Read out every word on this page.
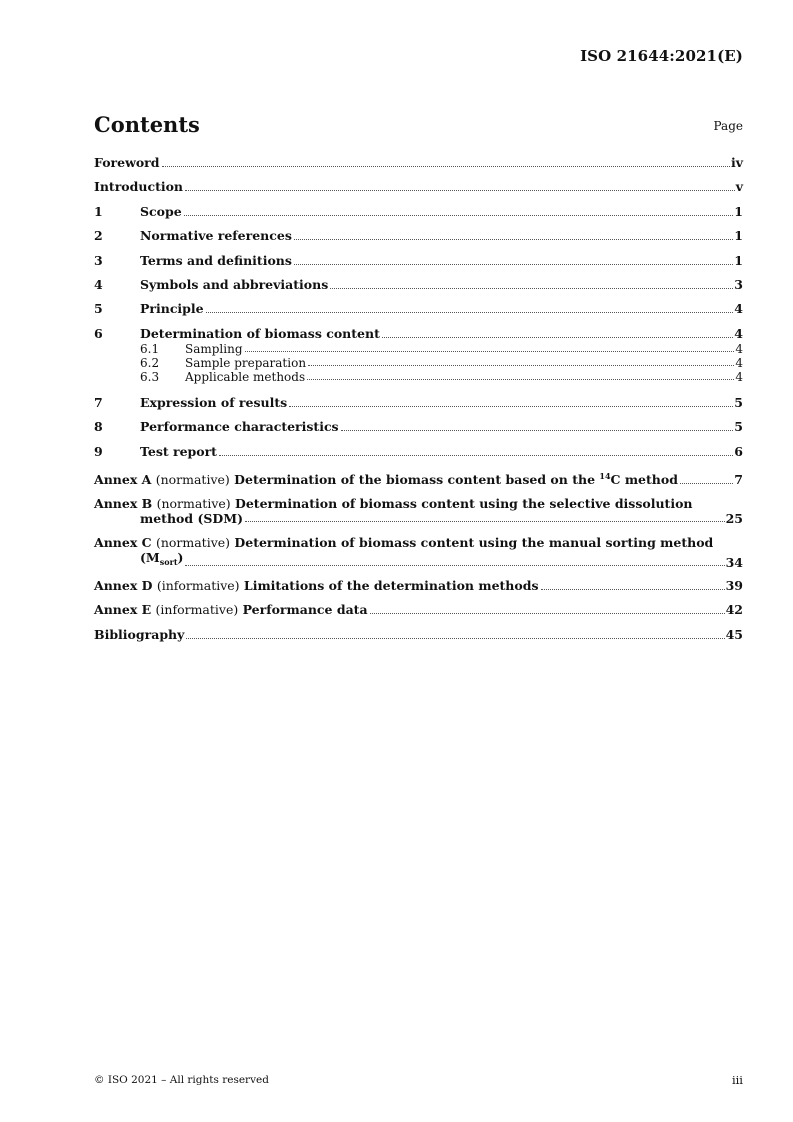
ISO 21644:2021(E)
Contents	Page
Foreword	iv
Introduction	v
1	Scope	1
2	Normative references	1
3	Terms and definitions	1
4	Symbols and abbreviations	3
5	Principle	4
6	Determination of biomass content	4
6.1	Sampling	4
6.2	Sample preparation	4
6.3	Applicable methods	4
7	Expression of results	5
8	Performance characteristics	5
9	Test report	6
Annex A (normative) Determination of the biomass content based on the $^{14}$C method	7
Annex B (normative) Determination of biomass content using the selective dissolution
method (SDM)	25
Annex C (normative) Determination of biomass content using the manual sorting method
$(M_{sort})$	34
Annex D (informative) Limitations of the determination methods	39
Annex E (informative) Performance data	42
Bibliography	45
© ISO 2021 – All rights reserved	iii
